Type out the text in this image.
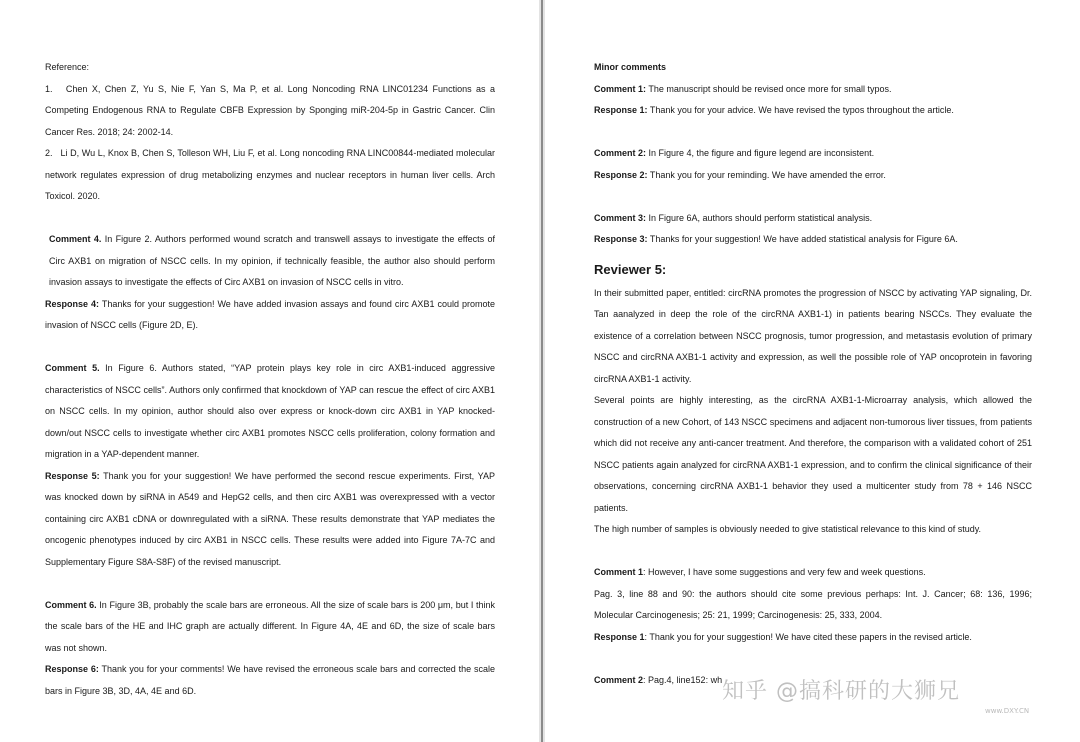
Reference:

1.   Chen X, Chen Z, Yu S, Nie F, Yan S, Ma P, et al. Long Noncoding RNA LINC01234 Functions as a Competing Endogenous RNA to Regulate CBFB Expression by Sponging miR-204-5p in Gastric Cancer. Clin Cancer Res. 2018; 24: 2002-14.

2.   Li D, Wu L, Knox B, Chen S, Tolleson WH, Liu F, et al. Long noncoding RNA LINC00844-mediated molecular network regulates expression of drug metabolizing enzymes and nuclear receptors in human liver cells. Arch Toxicol. 2020.

Comment 4. In Figure 2. Authors performed wound scratch and transwell assays to investigate the effects of Circ AXB1 on migration of NSCC cells. In my opinion, if technically feasible, the author also should perform invasion assays to investigate the effects of Circ AXB1 on invasion of NSCC cells in vitro.

Response 4: Thanks for your suggestion! We have added invasion assays and found circ AXB1 could promote invasion of NSCC cells (Figure 2D, E).

Comment 5. In Figure 6. Authors stated, “YAP protein plays key role in circ AXB1-induced aggressive characteristics of NSCC cells”. Authors only confirmed that knockdown of YAP can rescue the effect of circ AXB1 on NSCC cells. In my opinion, author should also over express or knock-down circ AXB1 in YAP knocked-down/out NSCC cells to investigate whether circ AXB1 promotes NSCC cells proliferation, colony formation and migration in a YAP-dependent manner.

Response 5: Thank you for your suggestion! We have performed the second rescue experiments. First, YAP was knocked down by siRNA in A549 and HepG2 cells, and then circ AXB1 was overexpressed with a vector containing circ AXB1 cDNA or downregulated with a siRNA. These results demonstrate that YAP mediates the oncogenic phenotypes induced by circ AXB1 in NSCC cells. These results were added into Figure 7A-7C and Supplementary Figure S8A-S8F) of the revised manuscript.

Comment 6. In Figure 3B, probably the scale bars are erroneous. All the size of scale bars is 200 μm, but I think the scale bars of the HE and IHC graph are actually different. In Figure 4A, 4E and 6D, the size of scale bars was not shown.

Response 6: Thank you for your comments! We have revised the erroneous scale bars and corrected the scale bars in Figure 3B, 3D, 4A, 4E and 6D.

Minor comments

Comment 1: The manuscript should be revised once more for small typos.

Response 1: Thank you for your advice. We have revised the typos throughout the article.

Comment 2: In Figure 4, the figure and figure legend are inconsistent.

Response 2: Thank you for your reminding. We have amended the error.

Comment 3: In Figure 6A, authors should perform statistical analysis.

Response 3: Thanks for your suggestion! We have added statistical analysis for Figure 6A.

Reviewer 5:

In their submitted paper, entitled: circRNA promotes the progression of NSCC by activating YAP signaling, Dr. Tan aanalyzed in deep the role of the circRNA AXB1-1) in patients bearing NSCCs. They evaluate the existence of a correlation between NSCC prognosis, tumor progression, and metastasis evolution of primary NSCC and circRNA AXB1-1 activity and expression, as well the possible role of YAP oncoprotein in favoring circRNA AXB1-1 activity.

Several points are highly interesting, as the circRNA AXB1-1-Microarray analysis, which allowed the construction of a new Cohort, of 143 NSCC specimens and adjacent non-tumorous liver tissues, from patients which did not receive any anti-cancer treatment. And therefore, the comparison with a validated cohort of 251 NSCC patients again analyzed for circRNA AXB1-1 expression, and to confirm the clinical significance of their observations, concerning circRNA AXB1-1 behavior they used a multicenter study from 78 + 146 NSCC patients.

The high number of samples is obviously needed to give statistical relevance to this kind of study.

Comment 1: However, I have some suggestions and very few and week questions.

Pag. 3, line 88 and 90: the authors should cite some previous perhaps: Int. J. Cancer; 68: 136, 1996; Molecular Carcinogenesis; 25: 21, 1999; Carcinogenesis: 25, 333, 2004.

Response 1: Thank you for your suggestion! We have cited these papers in the revised article.

Comment 2: Pag.4, line152: wh 知乎 @搞科研的大狮兄
www.DXY.CN
